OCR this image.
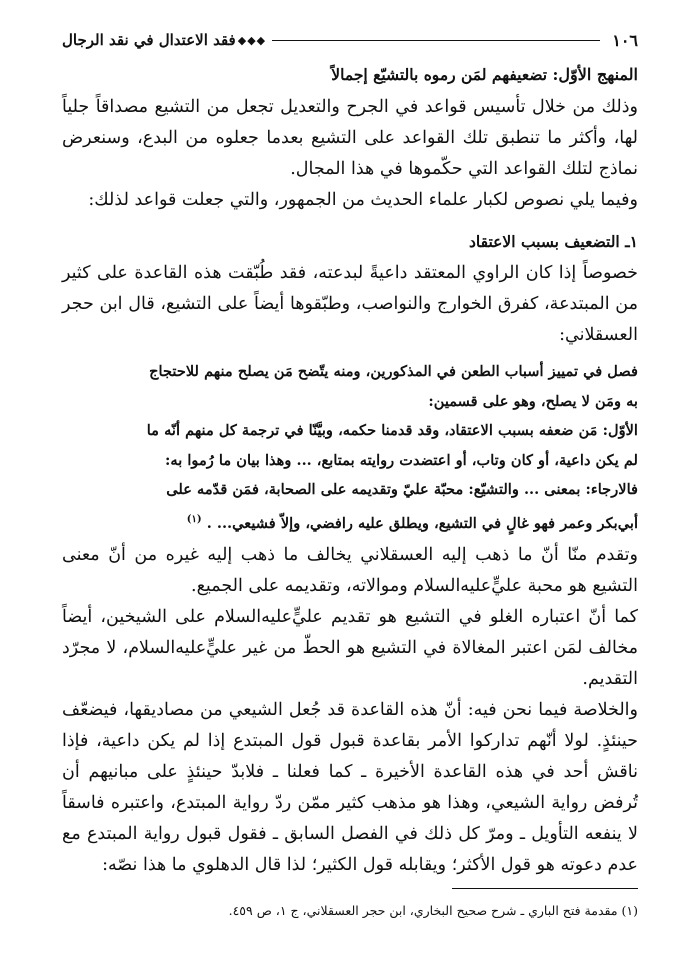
١٠٦
◆◆◆
فقد الاعتدال في نقد الرجال

المنهج الأوّل: تضعيفهم لمَن رموه بالتشيّع إجمالاً

وذلك من خلال تأسيس قواعد في الجرح والتعديل تجعل من التشيع مصداقاً جلياً لها، وأكثر ما تنطبق تلك القواعد على التشيع بعدما جعلوه من البدع، وسنعرض نماذج لتلك القواعد التي حكّموها في هذا المجال.

وفيما يلي نصوص لكبار علماء الحديث من الجمهور، والتي جعلت قواعد لذلك:

١ـ التضعيف بسبب الاعتقاد

خصوصاً إذا كان الراوي المعتقد داعيةً لبدعته، فقد طُبّقت هذه القاعدة على كثير من المبتدعة، كفرق الخوارج والنواصب، وطبّقوها أيضاً على التشيع، قال ابن حجر العسقلاني:

فصل في تمييز أسباب الطعن في المذكورين، ومنه يتّضح مَن يصلح منهم للاحتجاج
به ومَن لا يصلح، وهو على قسمين:
الأوّل: مَن ضعفه بسبب الاعتقاد، وقد قدمنا حكمه، وبيَّنّا في ترجمة كل منهم أنّه ما
لم يكن داعية، أو كان وتاب، أو اعتضدت روايته بمتابع، ... وهذا بيان ما رُموا به:
فالارجاء: بمعنى ... والتشيّع: محبّة عليّ وتقديمه على الصحابة، فمَن قدّمه على
أبي‌بكر وعمر فهو غالٍ في التشيع، ويطلق عليه رافضي، وإلاّ فشيعي... . $^{(١)}$

وتقدم منّا أنّ ما ذهب إليه العسقلاني يخالف ما ذهب إليه غيره من أنّ معنى التشيع هو محبة عليٍّ‌عليه‌السلام وموالاته، وتقديمه على الجميع.

كما أنّ اعتباره الغلو في التشيع هو تقديم عليٍّ‌عليه‌السلام على الشيخين، أيضاً مخالف لمَن اعتبر المغالاة في التشيع هو الحطّ من غير عليٍّ‌عليه‌السلام، لا مجرّد التقديم.

والخلاصة فيما نحن فيه: أنّ هذه القاعدة قد جُعل الشيعي من مصاديقها، فيضعّف حينئذٍ. لولا أنّهم تداركوا الأمر بقاعدة قبول قول المبتدع إذا لم يكن داعية، فإذا ناقش أحد في هذه القاعدة الأخيرة ـ كما فعلنا ـ فلابدّ حينئذٍ على مبانيهم أن تُرفض رواية الشيعي، وهذا هو مذهب كثير ممّن ردّ رواية المبتدع، واعتبره فاسقاً لا ينفعه التأويل ـ ومرّ كل ذلك في الفصل السابق ـ فقول قبول رواية المبتدع مع عدم دعوته هو قول الأكثر؛ ويقابله قول الكثير؛ لذا قال الدهلوي ما هذا نصّه:

(١) مقدمة فتح الباري ـ شرح صحيح البخاري، ابن حجر العسقلاني، ج ١، ص ٤٥٩.
